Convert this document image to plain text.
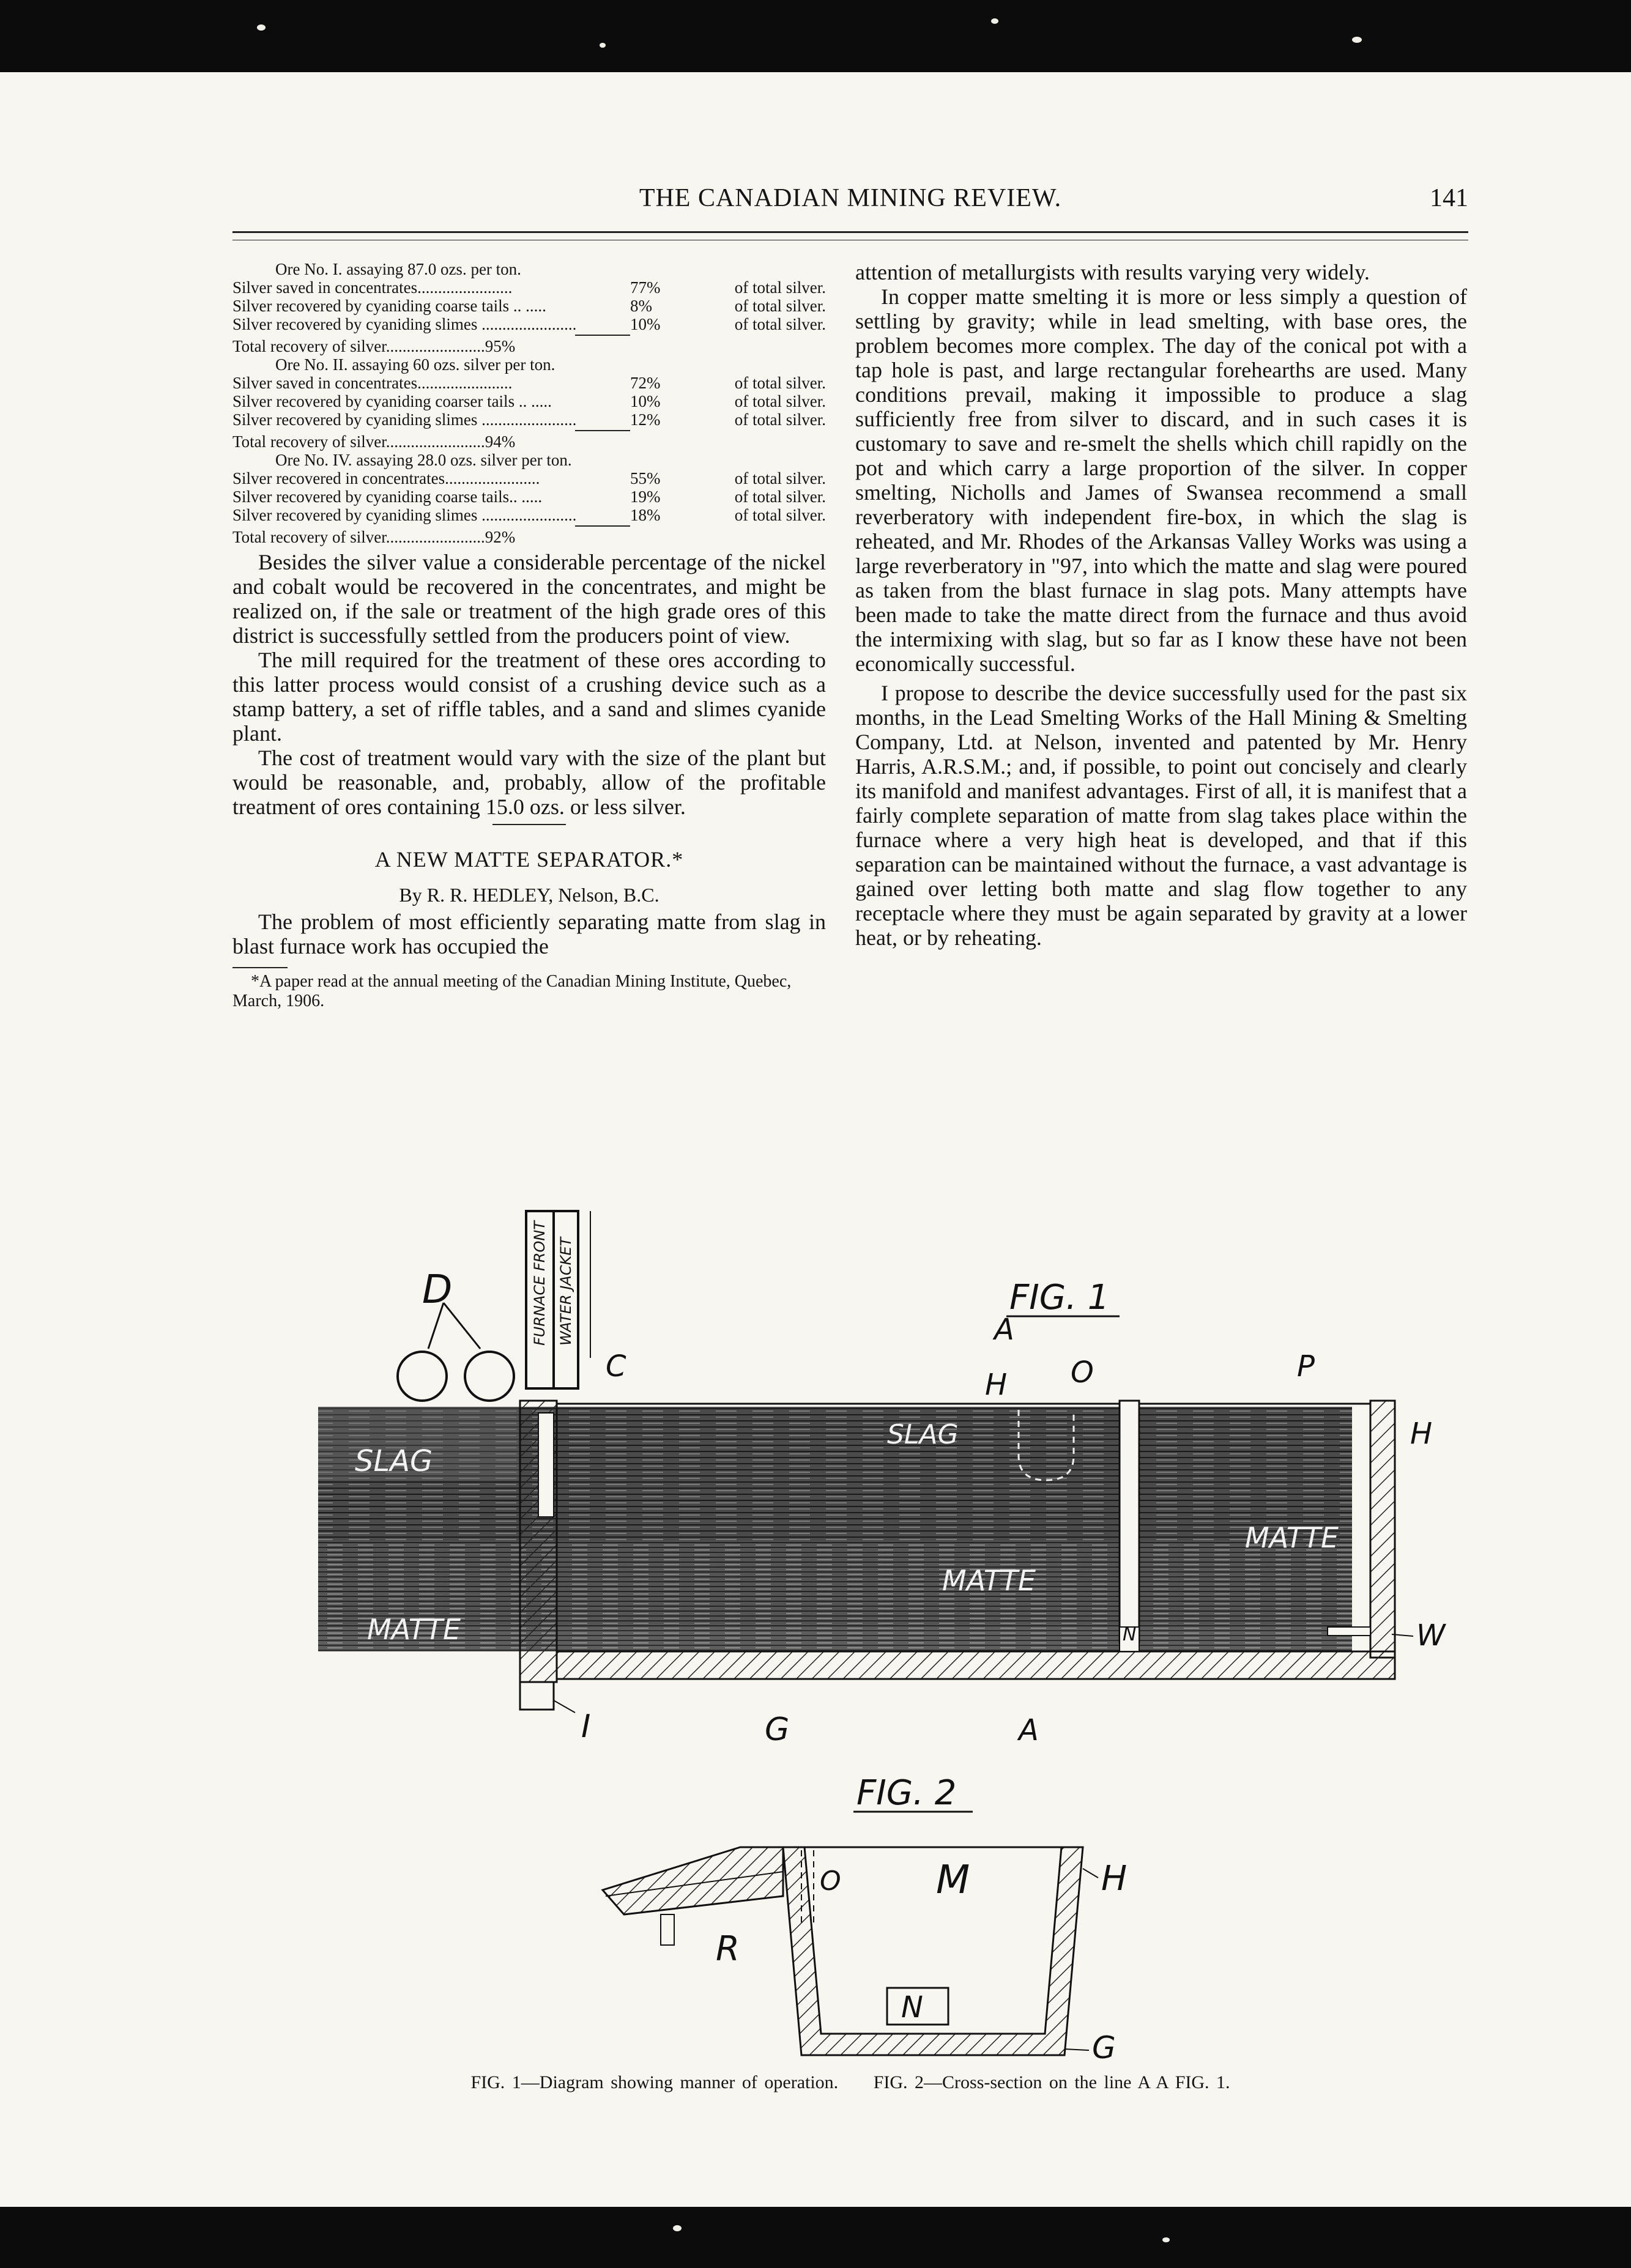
THE CANADIAN MINING REVIEW.	141
Ore No. I. assaying 87.0 ozs. per ton.
Silver saved in concentrates.......................	77%	of total silver.
Silver recovered by cyaniding coarse tails .. .....	8%	of total silver.
Silver recovered by cyaniding slimes .......................	10%	of total silver.
Total recovery of silver........................ 95%
Ore No. II. assaying 60 ozs. silver per ton.
Silver saved in concentrates.......................	72%	of total silver.
Silver recovered by cyaniding coarser tails .. .....	10%	of total silver.
Silver recovered by cyaniding slimes .......................	12%	of total silver.
Total recovery of silver........................ 94%
Ore No. IV. assaying 28.0 ozs. silver per ton.
Silver recovered in concentrates.......................	55%	of total silver.
Silver recovered by cyaniding coarse tails.. .....	19%	of total silver.
Silver recovered by cyaniding slimes .......................	18%	of total silver.
Total recovery of silver........................ 92%

Besides the silver value a considerable percentage of the nickel and cobalt would be recovered in the concentrates, and might be realized on, if the sale or treatment of the high grade ores of this district is successfully settled from the producers point of view.

The mill required for the treatment of these ores according to this latter process would consist of a crushing device such as a stamp battery, a set of riffle tables, and a sand and slimes cyanide plant.

The cost of treatment would vary with the size of the plant but would be reasonable, and, probably, allow of the profitable treatment of ores containing 15.0 ozs. or less silver.

A NEW MATTE SEPARATOR.*
By R. R. HEDLEY, Nelson, B.C.

The problem of most efficiently separating matte from slag in blast furnace work has occupied the

*A paper read at the annual meeting of the Canadian Mining Institute, Quebec, March, 1906.

attention of metallurgists with results varying very widely.

In copper matte smelting it is more or less simply a question of settling by gravity; while in lead smelting, with base ores, the problem becomes more complex. The day of the conical pot with a tap hole is past, and large rectangular forehearths are used. Many conditions prevail, making it impossible to produce a slag sufficiently free from silver to discard, and in such cases it is customary to save and re-smelt the shells which chill rapidly on the pot and which carry a large proportion of the silver. In copper smelting, Nicholls and James of Swansea recommend a small reverberatory with independent fire-box, in which the slag is reheated, and Mr. Rhodes of the Arkansas Valley Works was using a large reverberatory in "97, into which the matte and slag were poured as taken from the blast furnace in slag pots. Many attempts have been made to take the matte direct from the furnace and thus avoid the intermixing with slag, but so far as I know these have not been economically successful.

I propose to describe the device successfully used for the past six months, in the Lead Smelting Works of the Hall Mining & Smelting Company, Ltd. at Nelson, invented and patented by Mr. Henry Harris, A.R.S.M.; and, if possible, to point out concisely and clearly its manifold and manifest advantages. First of all, it is manifest that a fairly complete separation of matte from slag takes place within the furnace where a very high heat is developed, and that if this separation can be maintained without the furnace, a vast advantage is gained over letting both matte and slag flow together to any receptacle where they must be again separated by gravity at a lower heat, or by reheating.

FURNACE FRONT WATER JACKET
D	FIG. 1
SLAG
SLAG
MATTE
MATTE
MATTE
C
H
A
O	P
H
N	W
I	G	A
FIG. 2
O M	H
R
N
G
FIG. 1—Diagram showing manner of operation. FIG. 2—Cross-section on the line A A FIG. 1.
